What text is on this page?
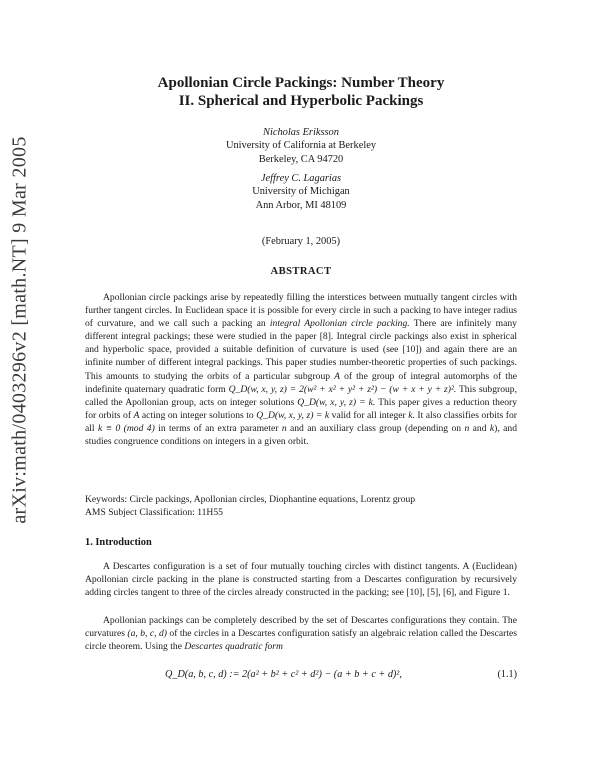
arXiv:math/0403296v2 [math.NT] 9 Mar 2005
Apollonian Circle Packings: Number Theory
II. Spherical and Hyperbolic Packings
Nicholas Eriksson
University of California at Berkeley
Berkeley, CA 94720
Jeffrey C. Lagarias
University of Michigan
Ann Arbor, MI 48109
(February 1, 2005)
ABSTRACT

Apollonian circle packings arise by repeatedly filling the interstices between mutually tangent circles with further tangent circles. In Euclidean space it is possible for every circle in such a packing to have integer radius of curvature, and we call such a packing an integral Apollonian circle packing. There are infinitely many different integral packings; these were studied in the paper [8]. Integral circle packings also exist in spherical and hyperbolic space, provided a suitable definition of curvature is used (see [10]) and again there are an infinite number of different integral packings. This paper studies number-theoretic properties of such packings. This amounts to studying the orbits of a particular subgroup A of the group of integral automorphs of the indefinite quaternary quadratic form Q_D(w, x, y, z) = 2(w² + x² + y² + z²) − (w + x + y + z)². This subgroup, called the Apollonian group, acts on integer solutions Q_D(w, x, y, z) = k. This paper gives a reduction theory for orbits of A acting on integer solutions to Q_D(w, x, y, z) = k valid for all integer k. It also classifies orbits for all k ≡ 0 (mod 4) in terms of an extra parameter n and an auxiliary class group (depending on n and k), and studies congruence conditions on integers in a given orbit.

Keywords: Circle packings, Apollonian circles, Diophantine equations, Lorentz group
AMS Subject Classification: 11H55
1. Introduction

A Descartes configuration is a set of four mutually touching circles with distinct tangents. A (Euclidean) Apollonian circle packing in the plane is constructed starting from a Descartes configuration by recursively adding circles tangent to three of the circles already constructed in the packing; see [10], [5], [6], and Figure 1.

Apollonian packings can be completely described by the set of Descartes configurations they contain. The curvatures (a, b, c, d) of the circles in a Descartes configuration satisfy an algebraic relation called the Descartes circle theorem. Using the Descartes quadratic form

Q_D(a, b, c, d) := 2(a² + b² + c² + d²) − (a + b + c + d)²,	(1.1)
